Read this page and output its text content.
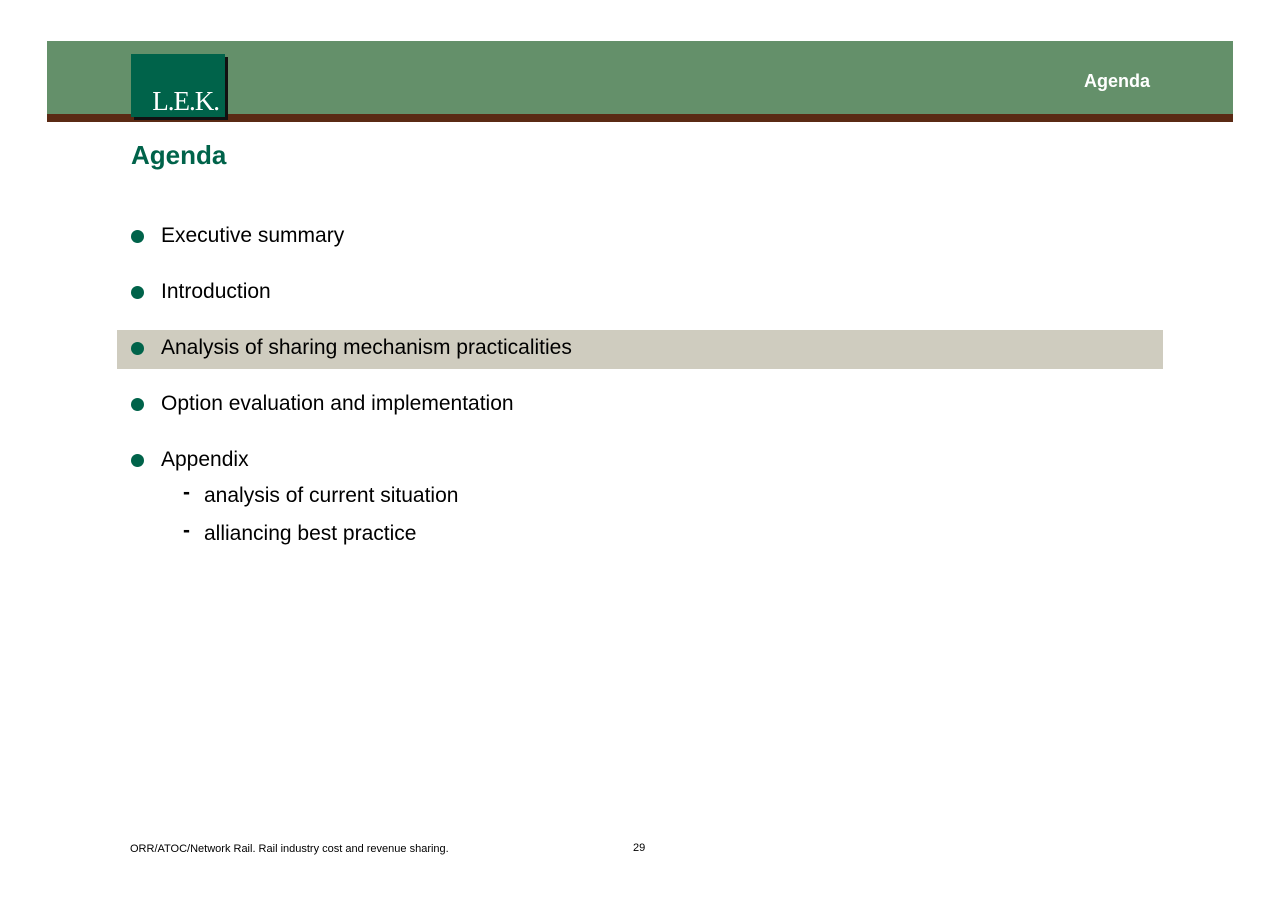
L.E.K.
Agenda
Agenda
Executive summary
Introduction
Analysis of sharing mechanism practicalities
Option evaluation and implementation
Appendix
- analysis of current situation
- alliancing best practice
ORR/ATOC/Network Rail. Rail industry cost and revenue sharing.	29
